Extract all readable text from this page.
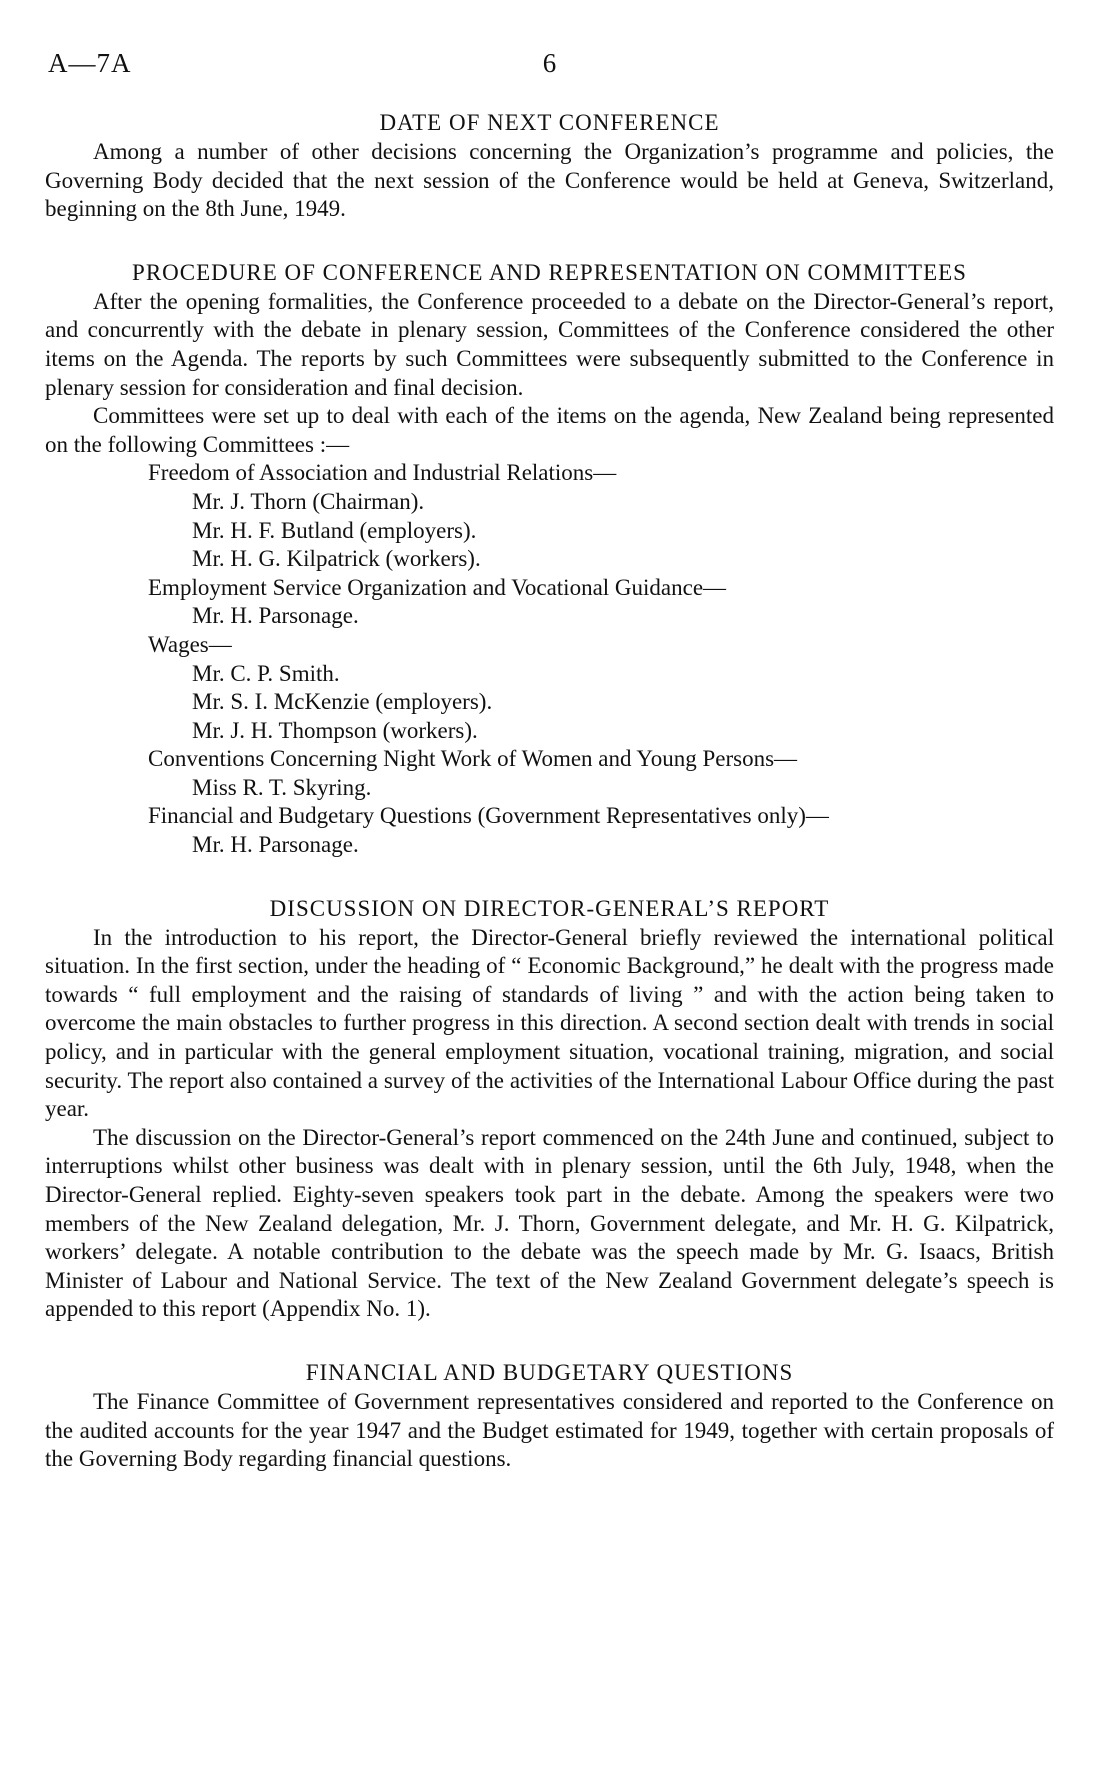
A—7A	6
DATE OF NEXT CONFERENCE

Among a number of other decisions concerning the Organization’s programme and policies, the Governing Body decided that the next session of the Conference would be held at Geneva, Switzerland, beginning on the 8th June, 1949.

PROCEDURE OF CONFERENCE AND REPRESENTATION ON COMMITTEES

After the opening formalities, the Conference proceeded to a debate on the Director-General’s report, and concurrently with the debate in plenary session, Committees of the Conference considered the other items on the Agenda. The reports by such Committees were subsequently submitted to the Conference in plenary session for consideration and final decision.

Committees were set up to deal with each of the items on the agenda, New Zealand being represented on the following Committees :—

Freedom of Association and Industrial Relations—
Mr. J. Thorn (Chairman).
Mr. H. F. Butland (employers).
Mr. H. G. Kilpatrick (workers).
Employment Service Organization and Vocational Guidance—
Mr. H. Parsonage.
Wages—
Mr. C. P. Smith.
Mr. S. I. McKenzie (employers).
Mr. J. H. Thompson (workers).
Conventions Concerning Night Work of Women and Young Persons—
Miss R. T. Skyring.
Financial and Budgetary Questions (Government Representatives only)—
Mr. H. Parsonage.
DISCUSSION ON DIRECTOR-GENERAL’S REPORT

In the introduction to his report, the Director-General briefly reviewed the international political situation. In the first section, under the heading of “ Economic Background,” he dealt with the progress made towards “ full employment and the raising of standards of living ” and with the action being taken to overcome the main obstacles to further progress in this direction. A second section dealt with trends in social policy, and in particular with the general employment situation, vocational training, migration, and social security. The report also contained a survey of the activities of the International Labour Office during the past year.

The discussion on the Director-General’s report commenced on the 24th June and continued, subject to interruptions whilst other business was dealt with in plenary session, until the 6th July, 1948, when the Director-General replied. Eighty-seven speakers took part in the debate. Among the speakers were two members of the New Zealand delegation, Mr. J. Thorn, Government delegate, and Mr. H. G. Kilpatrick, workers’ delegate. A notable contribution to the debate was the speech made by Mr. G. Isaacs, British Minister of Labour and National Service. The text of the New Zealand Government delegate’s speech is appended to this report (Appendix No. 1).

FINANCIAL AND BUDGETARY QUESTIONS

The Finance Committee of Government representatives considered and reported to the Conference on the audited accounts for the year 1947 and the Budget estimated for 1949, together with certain proposals of the Governing Body regarding financial questions.
